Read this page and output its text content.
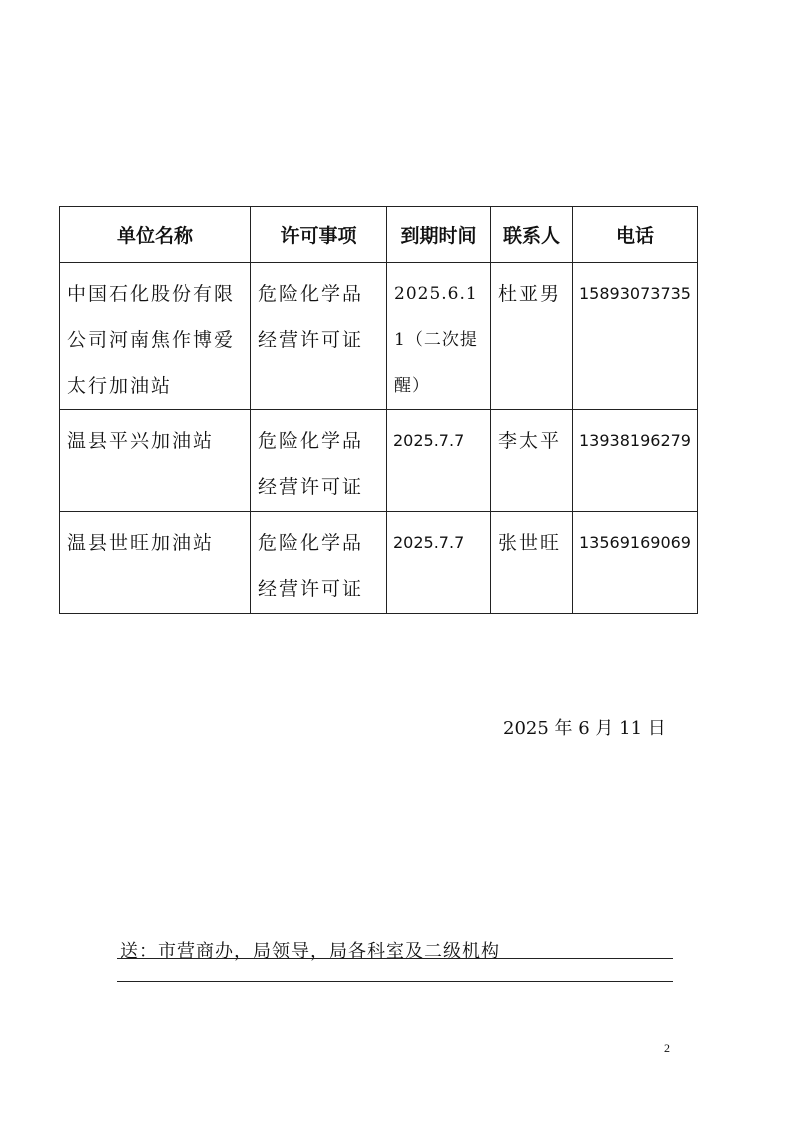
单位名称	许可事项	到期时间	联系人	电话

中国石化股份有限公司河南焦作博爱太行加油站	危险化学品经营许可证	2025.6.11（二次提醒）	杜亚男	15893073735

温县平兴加油站	危险化学品经营许可证	2025.7.7	李太平	13938196279

温县世旺加油站	危险化学品经营许可证	2025.7.7	张世旺	13569169069
2025 年 6 月 11 日
送：市营商办，局领导，局各科室及二级机构
2
